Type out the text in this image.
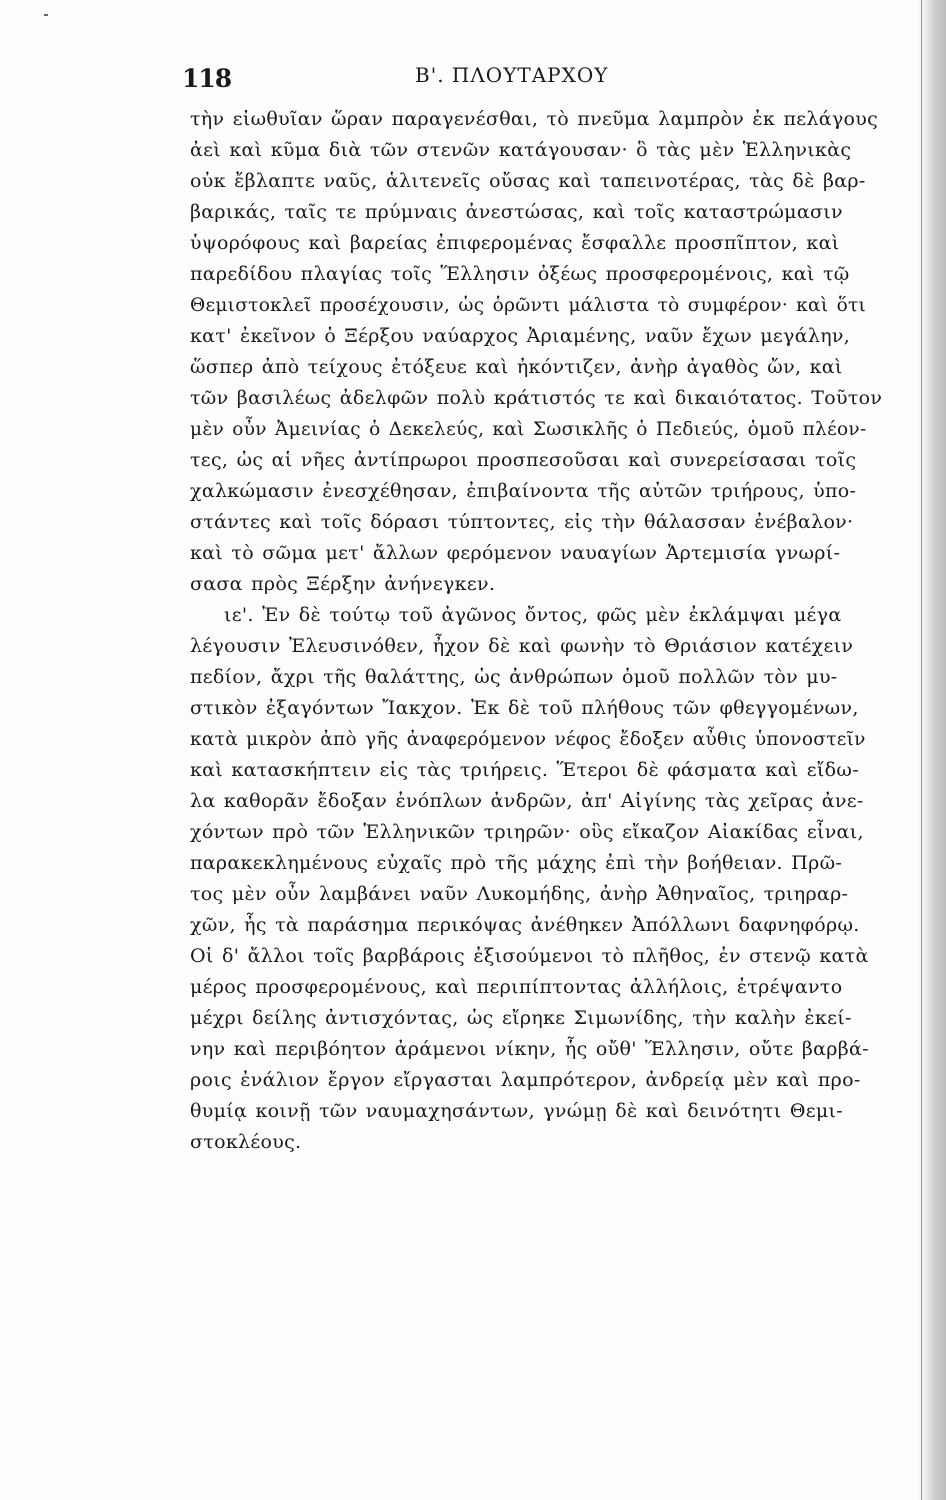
118	Β'. ΠΛΟΥΤΑΡΧΟΥ
τὴν εἰωθυῖαν ὥραν παραγενέσθαι, τὸ πνεῦμα λαμπρὸν ἐκ πελάγους
ἀεὶ καὶ κῦμα διὰ τῶν στενῶν κατάγουσαν· ὃ τὰς μὲν Ἑλληνικὰς
οὐκ ἔβλαπτε ναῦς, ἁλιτενεῖς οὔσας καὶ ταπεινοτέρας, τὰς δὲ βαρ-
βαρικάς, ταῖς τε πρύμναις ἀνεστώσας, καὶ τοῖς καταστρώμασιν
ὑψορόφους καὶ βαρείας ἐπιφερομένας ἔσφαλλε προσπῖπτον, καὶ
παρεδίδου πλαγίας τοῖς Ἕλλησιν ὀξέως προσφερομένοις, καὶ τῷ
Θεμιστοκλεῖ προσέχουσιν, ὡς ὁρῶντι μάλιστα τὸ συμφέρον· καὶ ὅτι
κατ' ἐκεῖνον ὁ Ξέρξου ναύαρχος Ἀριαμένης, ναῦν ἔχων μεγάλην,
ὥσπερ ἀπὸ τείχους ἐτόξευε καὶ ἠκόντιζεν, ἀνὴρ ἀγαθὸς ὤν, καὶ
τῶν βασιλέως ἀδελφῶν πολὺ κράτιστός τε καὶ δικαιότατος. Τοῦτον
μὲν οὖν Ἀμεινίας ὁ Δεκελεύς, καὶ Σωσικλῆς ὁ Πεδιεύς, ὁμοῦ πλέον-
τες, ὡς αἱ νῆες ἀντίπρωροι προσπεσοῦσαι καὶ συνερείσασαι τοῖς
χαλκώμασιν ἐνεσχέθησαν, ἐπιβαίνοντα τῆς αὐτῶν τριήρους, ὑπο-
στάντες καὶ τοῖς δόρασι τύπτοντες, εἰς τὴν θάλασσαν ἐνέβαλον·
καὶ τὸ σῶμα μετ' ἄλλων φερόμενον ναυαγίων Ἀρτεμισία γνωρί-
σασα πρὸς Ξέρξην ἀνήνεγκεν.
ιε'. Ἐν δὲ τούτῳ τοῦ ἀγῶνος ὄντος, φῶς μὲν ἐκλάμψαι μέγα
λέγουσιν Ἐλευσινόθεν, ἦχον δὲ καὶ φωνὴν τὸ Θριάσιον κατέχειν
πεδίον, ἄχρι τῆς θαλάττης, ὡς ἀνθρώπων ὁμοῦ πολλῶν τὸν μυ-
στικὸν ἐξαγόντων Ἴακχον. Ἐκ δὲ τοῦ πλήθους τῶν φθεγγομένων,
κατὰ μικρὸν ἀπὸ γῆς ἀναφερόμενον νέφος ἔδοξεν αὖθις ὑπονοστεῖν
καὶ κατασκήπτειν εἰς τὰς τριήρεις. Ἕτεροι δὲ φάσματα καὶ εἴδω-
λα καθορᾶν ἔδοξαν ἐνόπλων ἀνδρῶν, ἀπ' Αἰγίνης τὰς χεῖρας ἀνε-
χόντων πρὸ τῶν Ἑλληνικῶν τριηρῶν· οὓς εἴκαζον Αἰακίδας εἶναι,
παρακεκλημένους εὐχαῖς πρὸ τῆς μάχης ἐπὶ τὴν βοήθειαν. Πρῶ-
τος μὲν οὖν λαμβάνει ναῦν Λυκομήδης, ἀνὴρ Ἀθηναῖος, τριηραρ-
χῶν, ἧς τὰ παράσημα περικόψας ἀνέθηκεν Ἀπόλλωνι δαφνηφόρῳ.
Οἱ δ' ἄλλοι τοῖς βαρβάροις ἐξισούμενοι τὸ πλῆθος, ἐν στενῷ κατὰ
μέρος προσφερομένους, καὶ περιπίπτοντας ἀλλήλοις, ἐτρέψαντο
μέχρι δείλης ἀντισχόντας, ὡς εἴρηκε Σιμωνίδης, τὴν καλὴν ἐκεί-
νην καὶ περιβόητον ἀράμενοι νίκην, ἧς οὔθ' Ἕλλησιν, οὔτε βαρβά-
ροις ἐνάλιον ἔργον εἴργασται λαμπρότερον, ἀνδρείᾳ μὲν καὶ προ-
θυμίᾳ κοινῇ τῶν ναυμαχησάντων, γνώμῃ δὲ καὶ δεινότητι Θεμι-
στοκλέους.
